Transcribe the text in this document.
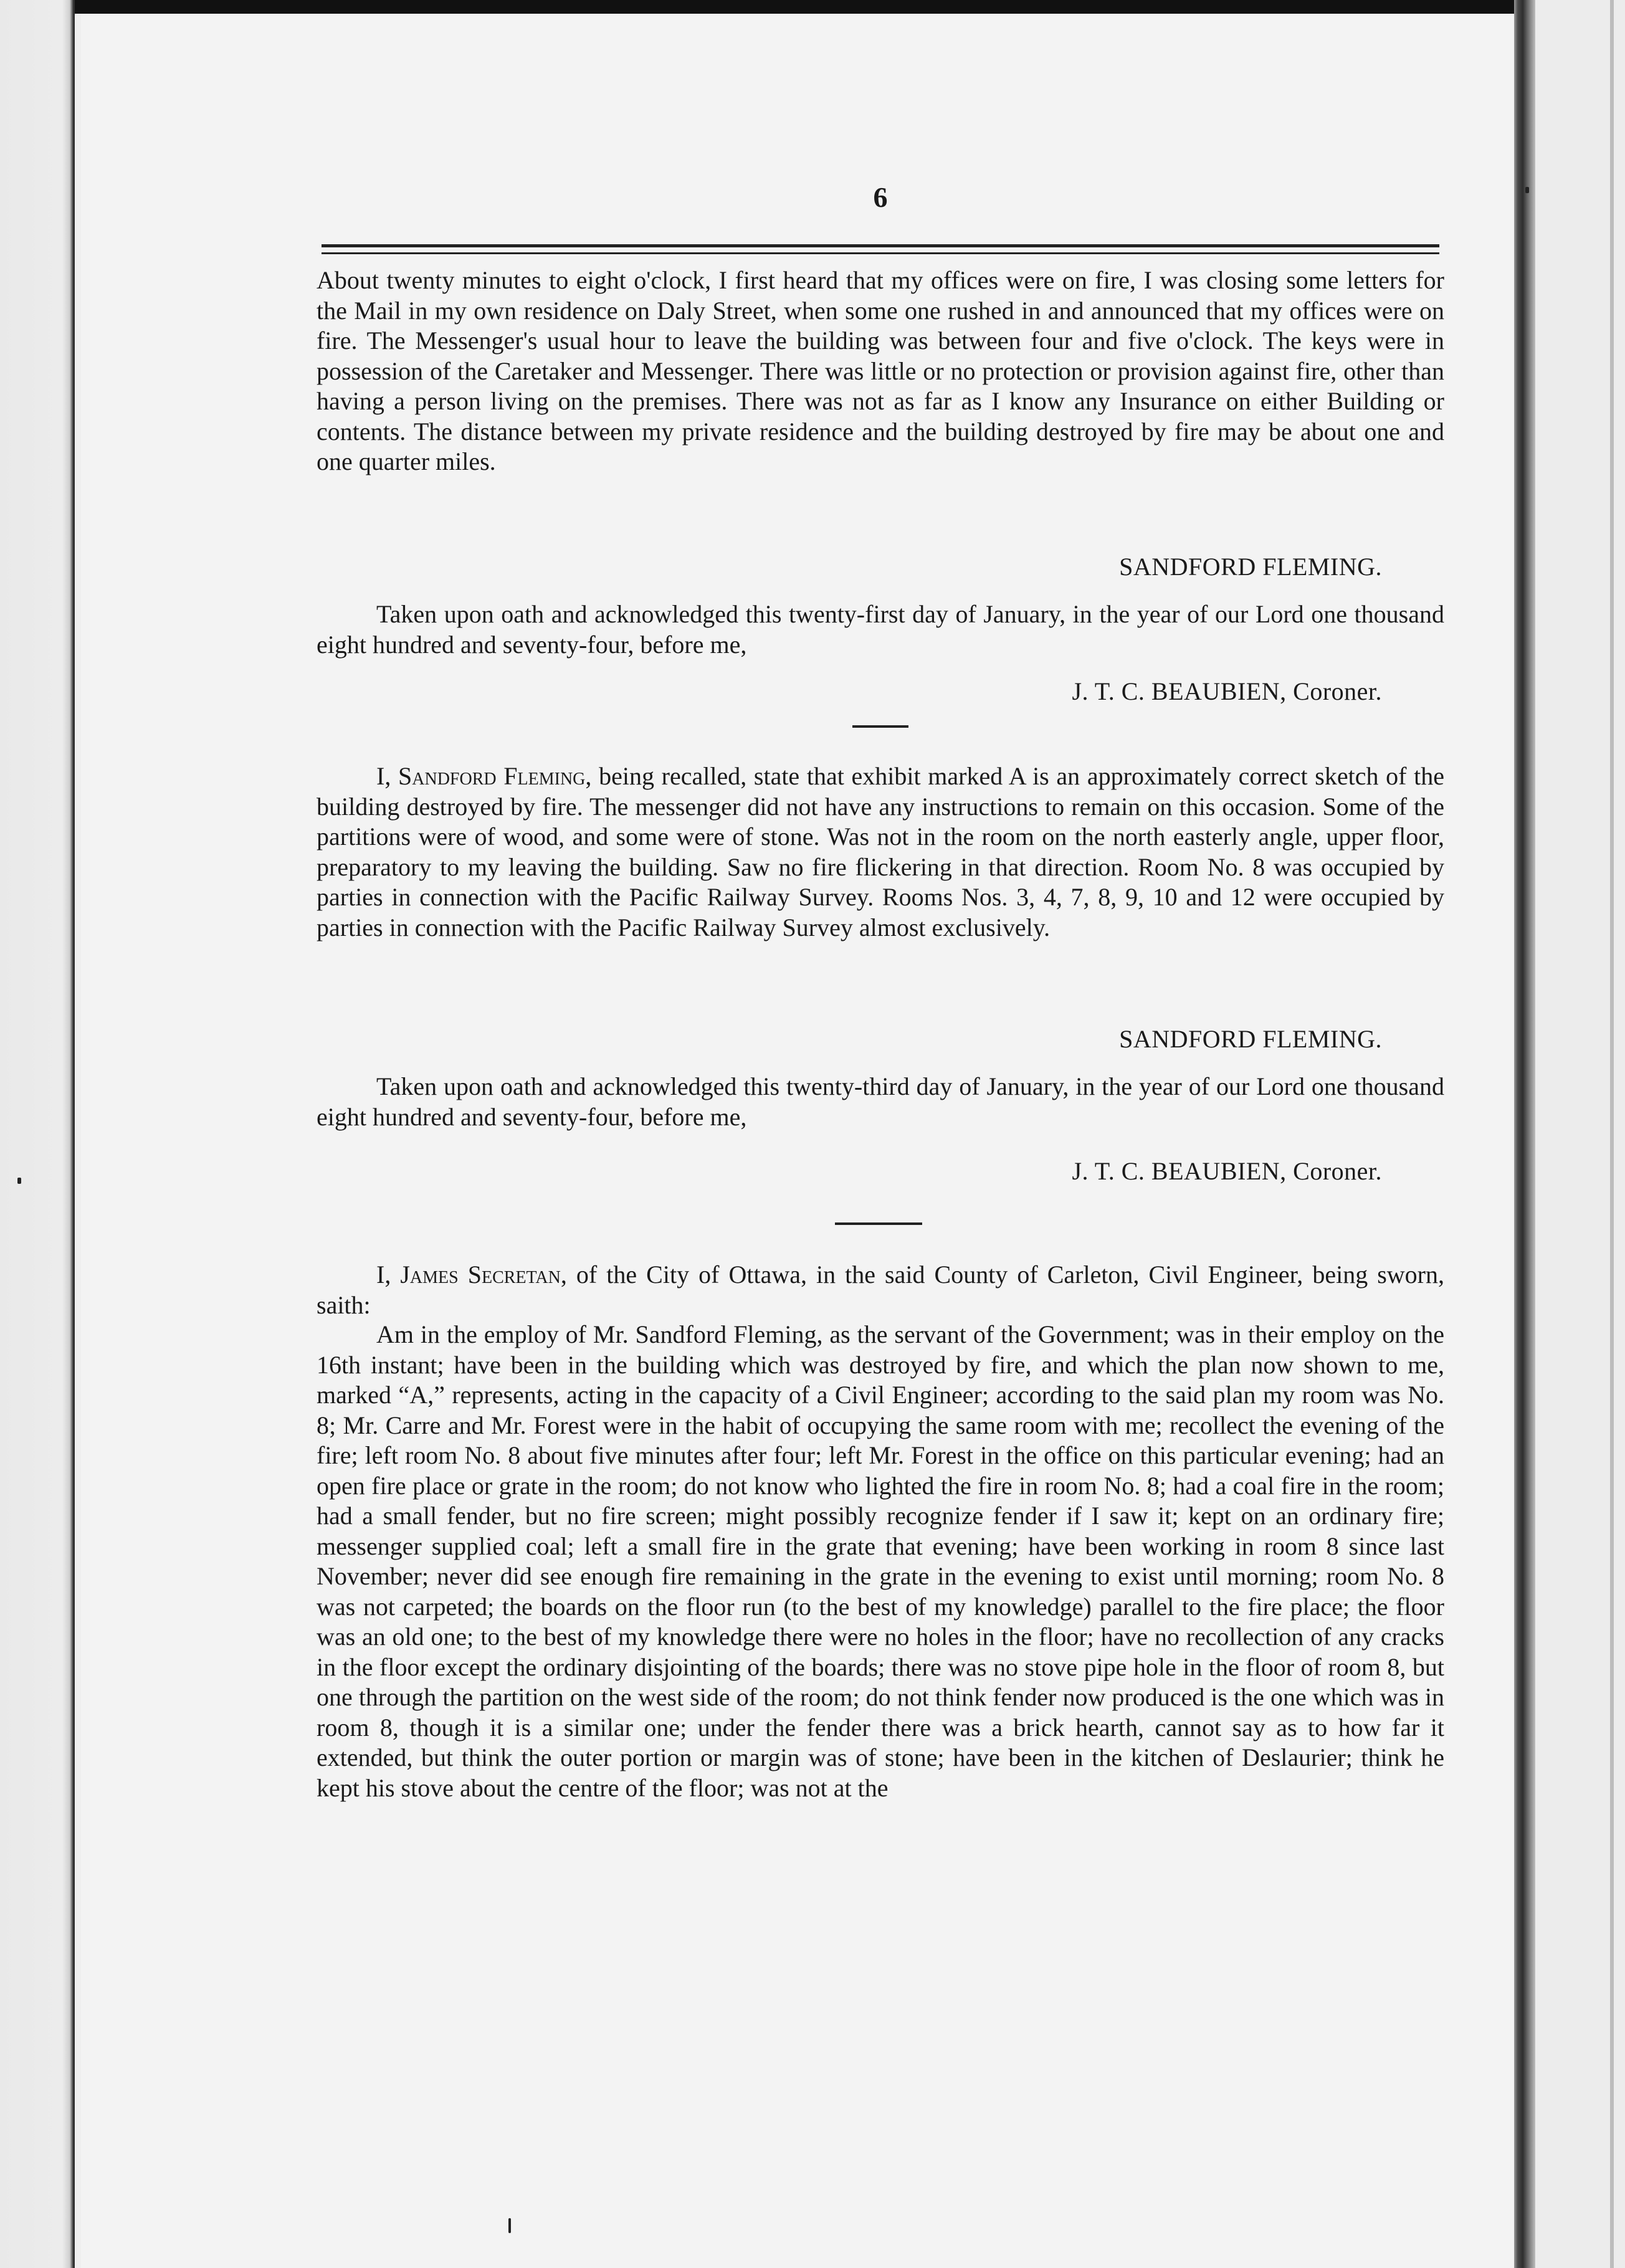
6

About twenty minutes to eight o'clock, I first heard that my offices were on fire, I was closing some letters for the Mail in my own residence on Daly Street, when some one rushed in and announced that my offices were on fire. The Messenger's usual hour to leave the building was between four and five o'clock. The keys were in possession of the Caretaker and Messenger. There was little or no protection or provision against fire, other than having a person living on the premises. There was not as far as I know any Insurance on either Building or contents. The distance between my private residence and the building destroyed by fire may be about one and one quarter miles.

SANDFORD FLEMING.

Taken upon oath and acknowledged this twenty-first day of January, in the year of our Lord one thousand eight hundred and seventy-four, before me,

J. T. C. BEAUBIEN, Coroner.

I, Sandford Fleming, being recalled, state that exhibit marked A is an approximately correct sketch of the building destroyed by fire. The messenger did not have any instructions to remain on this occasion. Some of the partitions were of wood, and some were of stone. Was not in the room on the north easterly angle, upper floor, preparatory to my leaving the building. Saw no fire flickering in that direction. Room No. 8 was occupied by parties in connection with the Pacific Railway Survey. Rooms Nos. 3, 4, 7, 8, 9, 10 and 12 were occupied by parties in connection with the Pacific Railway Survey almost exclusively.

SANDFORD FLEMING.

Taken upon oath and acknowledged this twenty-third day of January, in the year of our Lord one thousand eight hundred and seventy-four, before me,

J. T. C. BEAUBIEN, Coroner.

I, James Secretan, of the City of Ottawa, in the said County of Carleton, Civil Engineer, being sworn, saith:

Am in the employ of Mr. Sandford Fleming, as the servant of the Government; was in their employ on the 16th instant; have been in the building which was destroyed by fire, and which the plan now shown to me, marked “A,” represents, acting in the capacity of a Civil Engineer; according to the said plan my room was No. 8; Mr. Carre and Mr. Forest were in the habit of occupying the same room with me; recollect the evening of the fire; left room No. 8 about five minutes after four; left Mr. Forest in the office on this particular evening; had an open fire place or grate in the room; do not know who lighted the fire in room No. 8; had a coal fire in the room; had a small fender, but no fire screen; might possibly recognize fender if I saw it; kept on an ordinary fire; messenger supplied coal; left a small fire in the grate that evening; have been working in room 8 since last November; never did see enough fire remaining in the grate in the evening to exist until morning; room No. 8 was not carpeted; the boards on the floor run (to the best of my knowledge) parallel to the fire place; the floor was an old one; to the best of my knowledge there were no holes in the floor; have no recollection of any cracks in the floor except the ordinary disjointing of the boards; there was no stove pipe hole in the floor of room 8, but one through the partition on the west side of the room; do not think fender now produced is the one which was in room 8, though it is a similar one; under the fender there was a brick hearth, cannot say as to how far it extended, but think the outer portion or margin was of stone; have been in the kitchen of Deslaurier; think he kept his stove about the centre of the floor; was not at the
